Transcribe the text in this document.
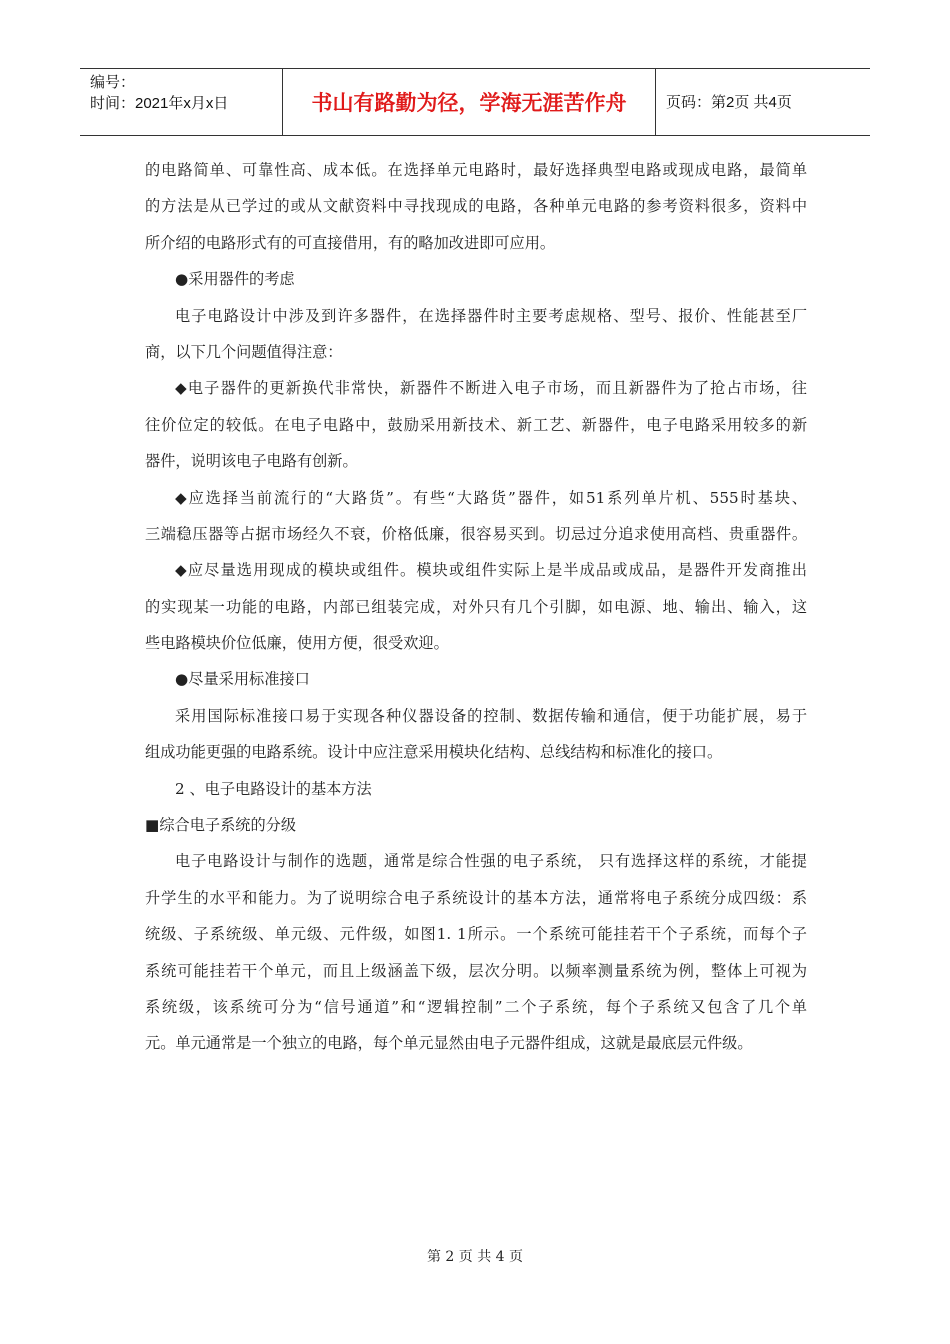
编号：
时间：2021年x月x日	书山有路勤为径，学海无涯苦作舟	页码：第2页 共4页
的电路简单、可靠性高、成本低。在选择单元电路时，最好选择典型电路或现成电路，最简单
的方法是从已学过的或从文献资料中寻找现成的电路，各种单元电路的参考资料很多，资料中
所介绍的电路形式有的可直接借用，有的略加改进即可应用。
●采用器件的考虑
电子电路设计中涉及到许多器件，在选择器件时主要考虑规格、型号、报价、性能甚至厂
商，以下几个问题值得注意：
◆电子器件的更新换代非常快，新器件不断进入电子市场，而且新器件为了抢占市场，往
往价位定的较低。在电子电路中，鼓励采用新技术、新工艺、新器件，电子电路采用较多的新
器件，说明该电子电路有创新。
◆应选择当前流行的“大路货”。有些“大路货”器件，如51系列单片机、555时基块、
三端稳压器等占据市场经久不衰，价格低廉，很容易买到。切忌过分追求使用高档、贵重器件。
◆应尽量选用现成的模块或组件。模块或组件实际上是半成品或成品，是器件开发商推出
的实现某一功能的电路，内部已组装完成，对外只有几个引脚，如电源、地、输出、输入，这
些电路模块价位低廉，使用方便，很受欢迎。
●尽量采用标准接口
采用国际标准接口易于实现各种仪器设备的控制、数据传输和通信，便于功能扩展，易于
组成功能更强的电路系统。设计中应注意采用模块化结构、总线结构和标准化的接口。
2 、电子电路设计的基本方法
■综合电子系统的分级
电子电路设计与制作的选题，通常是综合性强的电子系统， 只有选择这样的系统，才能提
升学生的水平和能力。为了说明综合电子系统设计的基本方法，通常将电子系统分成四级：系
统级、子系统级、单元级、元件级，如图1. 1所示。一个系统可能挂若干个子系统，而每个子
系统可能挂若干个单元，而且上级涵盖下级，层次分明。以频率测量系统为例，整体上可视为
系统级，该系统可分为“信号通道”和“逻辑控制”二个子系统，每个子系统又包含了几个单
元。单元通常是一个独立的电路，每个单元显然由电子元器件组成，这就是最底层元件级。
第 2 页 共 4 页
